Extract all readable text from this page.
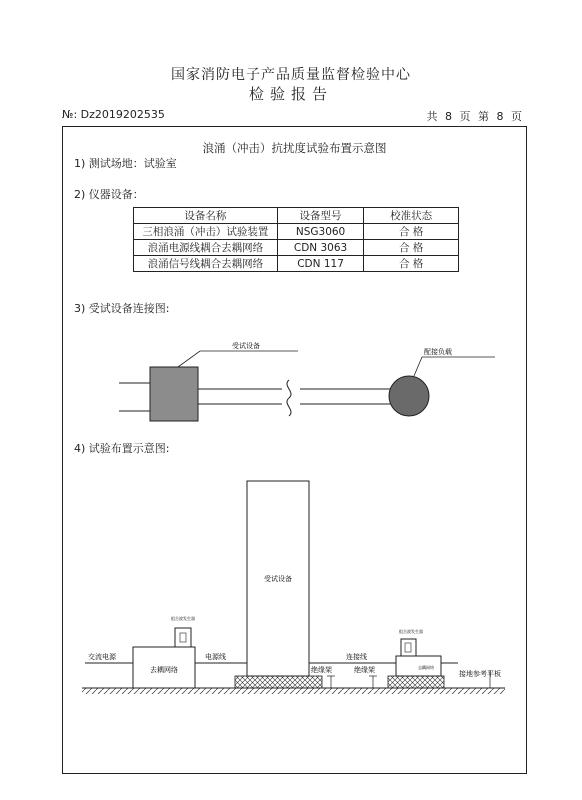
国家消防电子产品质量监督检验中心
检验报告
№: Dz2019202535	共 8 页 第 8 页
浪涌（冲击）抗扰度试验布置示意图
1) 测试场地：试验室
2) 仪器设备：
设备名称	设备型号	校准状态
三相浪涌（冲击）试验装置	NSG3060	合 格
浪涌电源线耦合去耦网络	CDN 3063	合 格
浪涌信号线耦合去耦网络	CDN 117	合 格
3) 受试设备连接图:
4) 试验布置示意图:
受试设备
配接负载
去耦网络
组合波发生器
受试设备
去耦网络
组合波发生器
交流电源	电源线
绝缘架
连接线
绝缘架	接地参考平板
